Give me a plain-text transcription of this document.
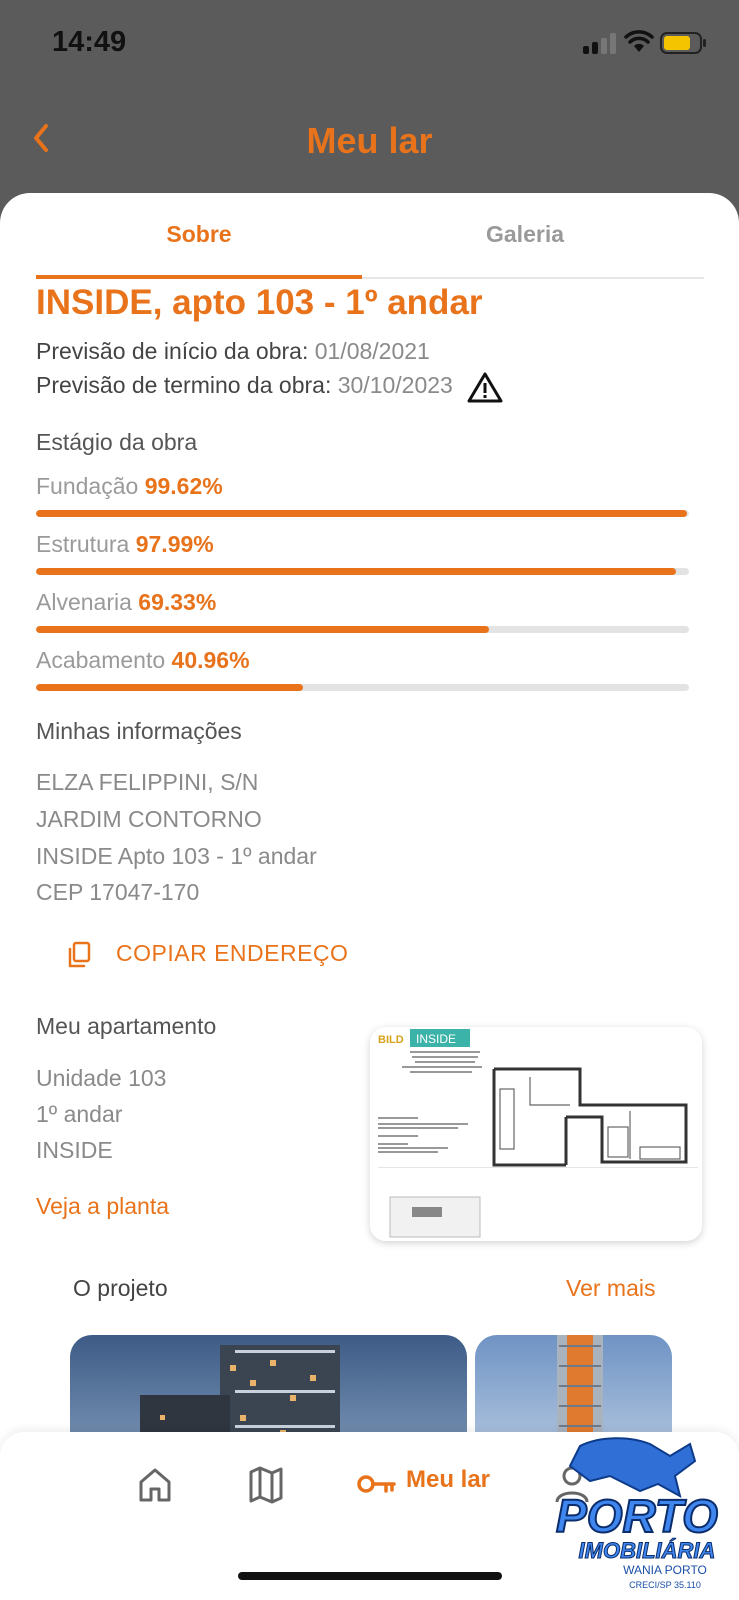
14:49
Meu lar
Sobre	Galeria
INSIDE, apto 103 - 1º andar
Previsão de início da obra: 01/08/2021
Previsão de termino da obra: 30/10/2023
Estágio da obra
Fundação 99.62%
Estrutura 97.99%
Alvenaria 69.33%
Acabamento 40.96%
Minhas informações
ELZA FELIPPINI, S/N
JARDIM CONTORNO
INSIDE Apto 103 - 1º andar
CEP 17047-170
COPIAR ENDEREÇO
Meu apartamento
Unidade 103
1º andar
INSIDE
Veja a planta
BILD INSIDE
O projeto	Ver mais
Meu lar
PORTO
IMOBILIÁRIA
WANIA PORTO
CRECI/SP 35.110
